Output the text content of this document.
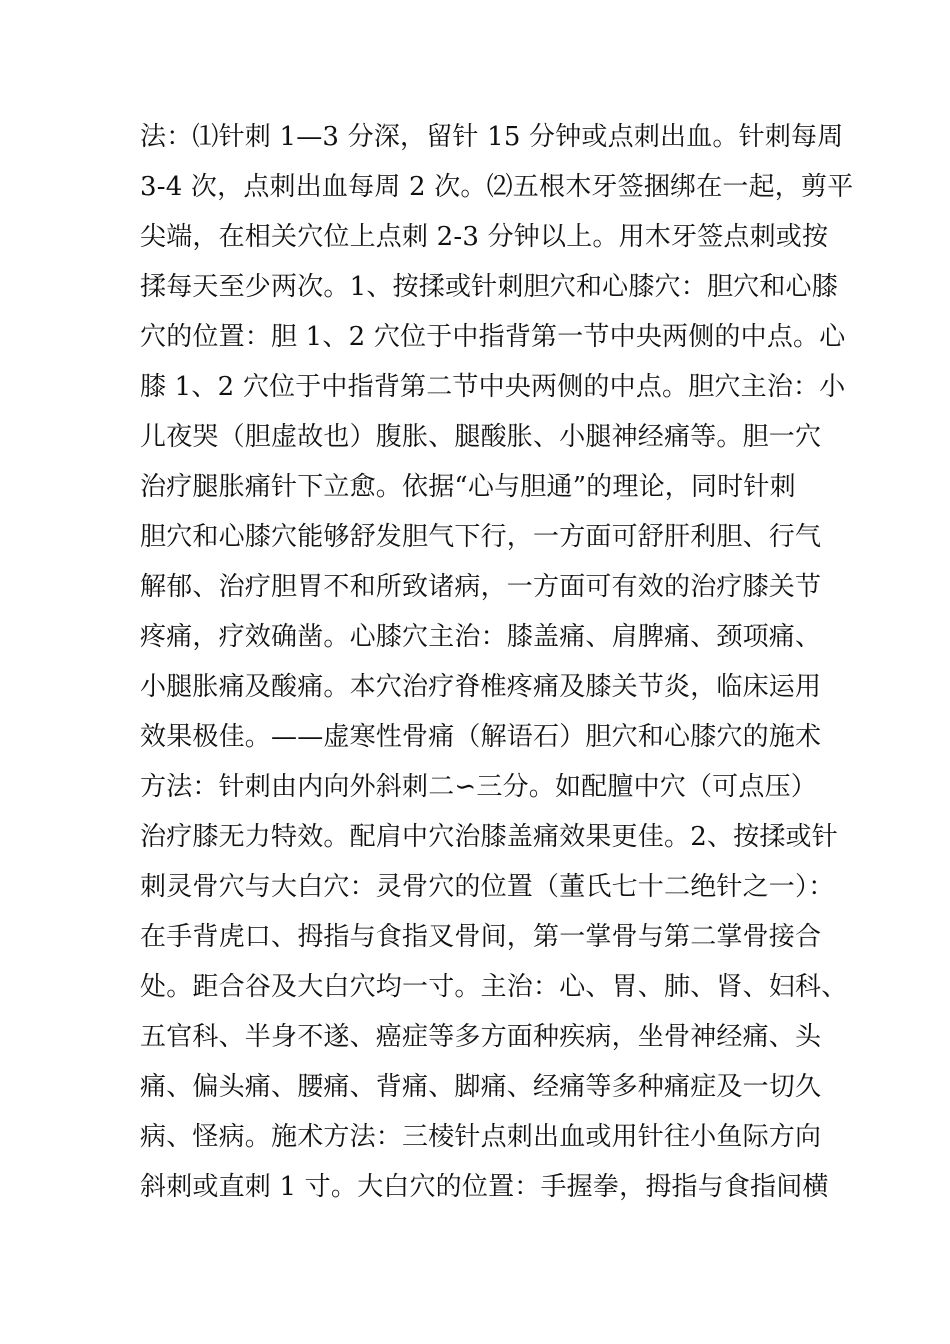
法：⑴针刺 1—3 分深，留针 15 分钟或点刺出血。针刺每周
3-4 次，点刺出血每周 2 次。⑵五根木牙签捆绑在一起，剪平
尖端，在相关穴位上点刺 2-3 分钟以上。用木牙签点刺或按
揉每天至少两次。1、按揉或针刺胆穴和心膝穴：胆穴和心膝
穴的位置：胆 1、2 穴位于中指背第一节中央两侧的中点。心
膝 1、2 穴位于中指背第二节中央两侧的中点。胆穴主治：小
儿夜哭（胆虚故也）腹胀、腿酸胀、小腿神经痛等。胆一穴
治疗腿胀痛针下立愈。依据“心与胆通”的理论，同时针刺
胆穴和心膝穴能够舒发胆气下行，一方面可舒肝利胆、行气
解郁、治疗胆胃不和所致诸病，一方面可有效的治疗膝关节
疼痛，疗效确凿。心膝穴主治：膝盖痛、肩脾痛、颈项痛、
小腿胀痛及酸痛。本穴治疗脊椎疼痛及膝关节炎，临床运用
效果极佳。——虚寒性骨痛（解语石）胆穴和心膝穴的施术
方法：针刺由内向外斜刺二∽三分。如配膻中穴（可点压）
治疗膝无力特效。配肩中穴治膝盖痛效果更佳。2、按揉或针
刺灵骨穴与大白穴：灵骨穴的位置（董氏七十二绝针之一）：
在手背虎口、拇指与食指叉骨间，第一掌骨与第二掌骨接合
处。距合谷及大白穴均一寸。主治：心、胃、肺、肾、妇科、
五官科、半身不遂、癌症等多方面种疾病，坐骨神经痛、头
痛、偏头痛、腰痛、背痛、脚痛、经痛等多种痛症及一切久
病、怪病。施术方法：三棱针点刺出血或用针往小鱼际方向
斜刺或直刺 1 寸。大白穴的位置：手握拳，拇指与食指间横
